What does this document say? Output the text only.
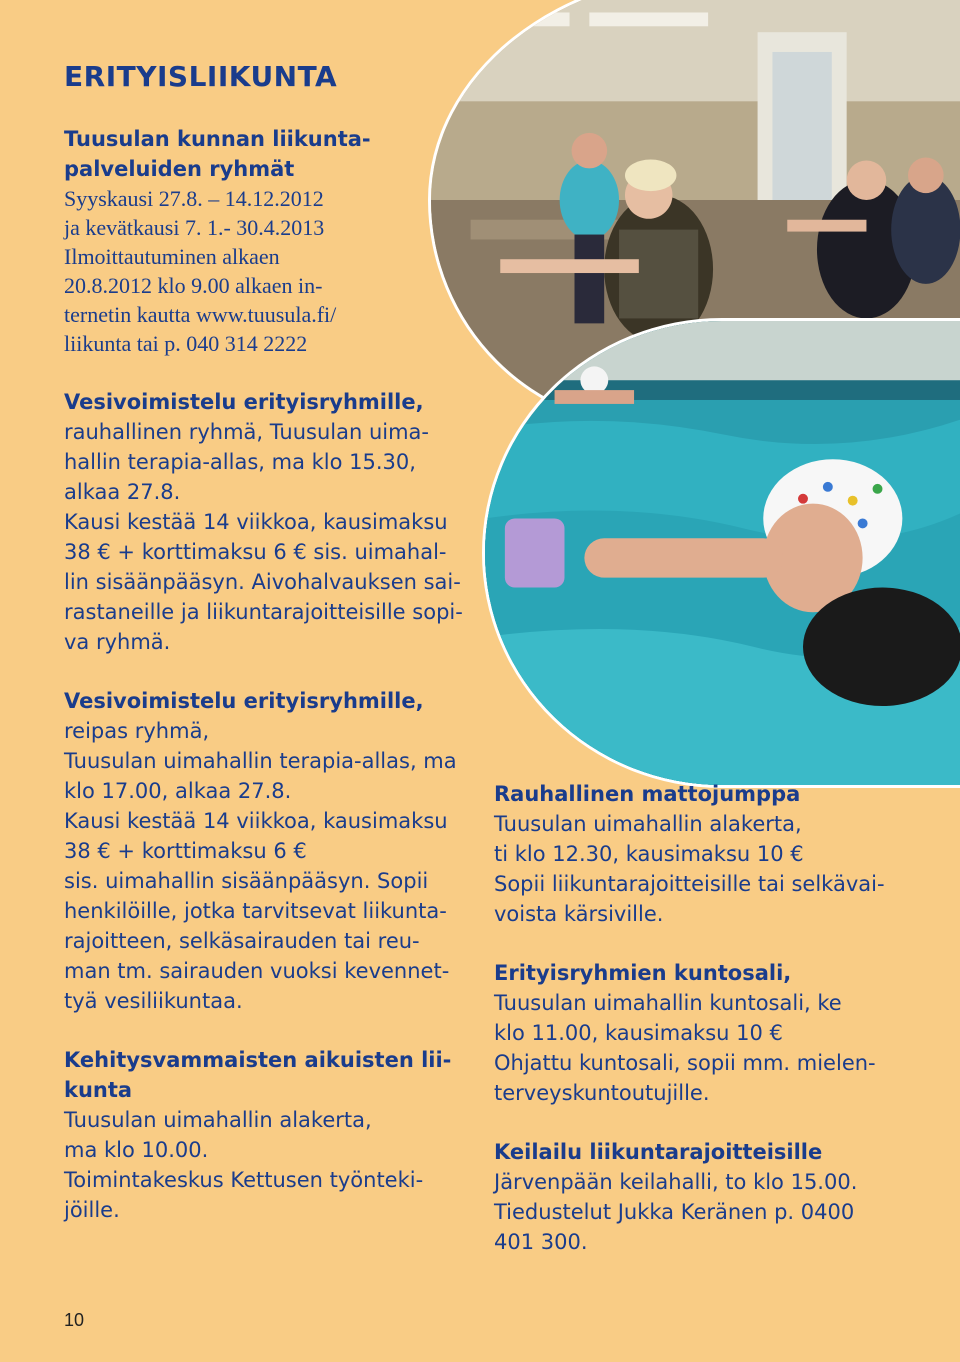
ERITYISLIIKUNTA
Tuusulan kunnan liikunta-
palveluiden ryhmät
Syyskausi 27.8. – 14.12.2012
ja kevätkausi 7. 1.- 30.4.2013
Ilmoittautuminen alkaen
20.8.2012 klo 9.00 alkaen in-
ternetin kautta www.tuusula.fi/
liikunta tai p. 040 314 2222
Vesivoimistelu erityisryhmille,
rauhallinen ryhmä, Tuusulan uima-
hallin terapia-allas, ma klo 15.30,
alkaa 27.8.
Kausi kestää 14 viikkoa, kausimaksu
38 € + korttimaksu 6 € sis. uimahal-
lin sisäänpääsyn. Aivohalvauksen sai-
rastaneille ja liikuntarajoitteisille sopi-
va ryhmä.
Vesivoimistelu erityisryhmille,
reipas ryhmä,
Tuusulan uimahallin terapia-allas, ma
klo 17.00, alkaa 27.8.
Kausi kestää 14 viikkoa, kausimaksu
38 € + korttimaksu 6 €
sis. uimahallin sisäänpääsyn. Sopii
henkilöille, jotka tarvitsevat liikunta-
rajoitteen, selkäsairauden tai reu-
man tm. sairauden vuoksi kevennet-
tyä vesiliikuntaa.
Kehitysvammaisten aikuisten lii-
kunta
Tuusulan uimahallin alakerta,
ma klo 10.00.
Toimintakeskus Kettusen työnteki-
jöille.
Rauhallinen mattojumppa
Tuusulan uimahallin alakerta,
ti klo 12.30, kausimaksu 10 €
Sopii liikuntarajoitteisille tai selkävai-
voista kärsiville.
Erityisryhmien kuntosali,
Tuusulan uimahallin kuntosali, ke
klo 11.00, kausimaksu 10 €
Ohjattu kuntosali, sopii mm. mielen-
terveyskuntoutujille.
Keilailu liikuntarajoitteisille
Järvenpään keilahalli, to klo 15.00.
Tiedustelut Jukka Keränen p. 0400
401 300.
10
